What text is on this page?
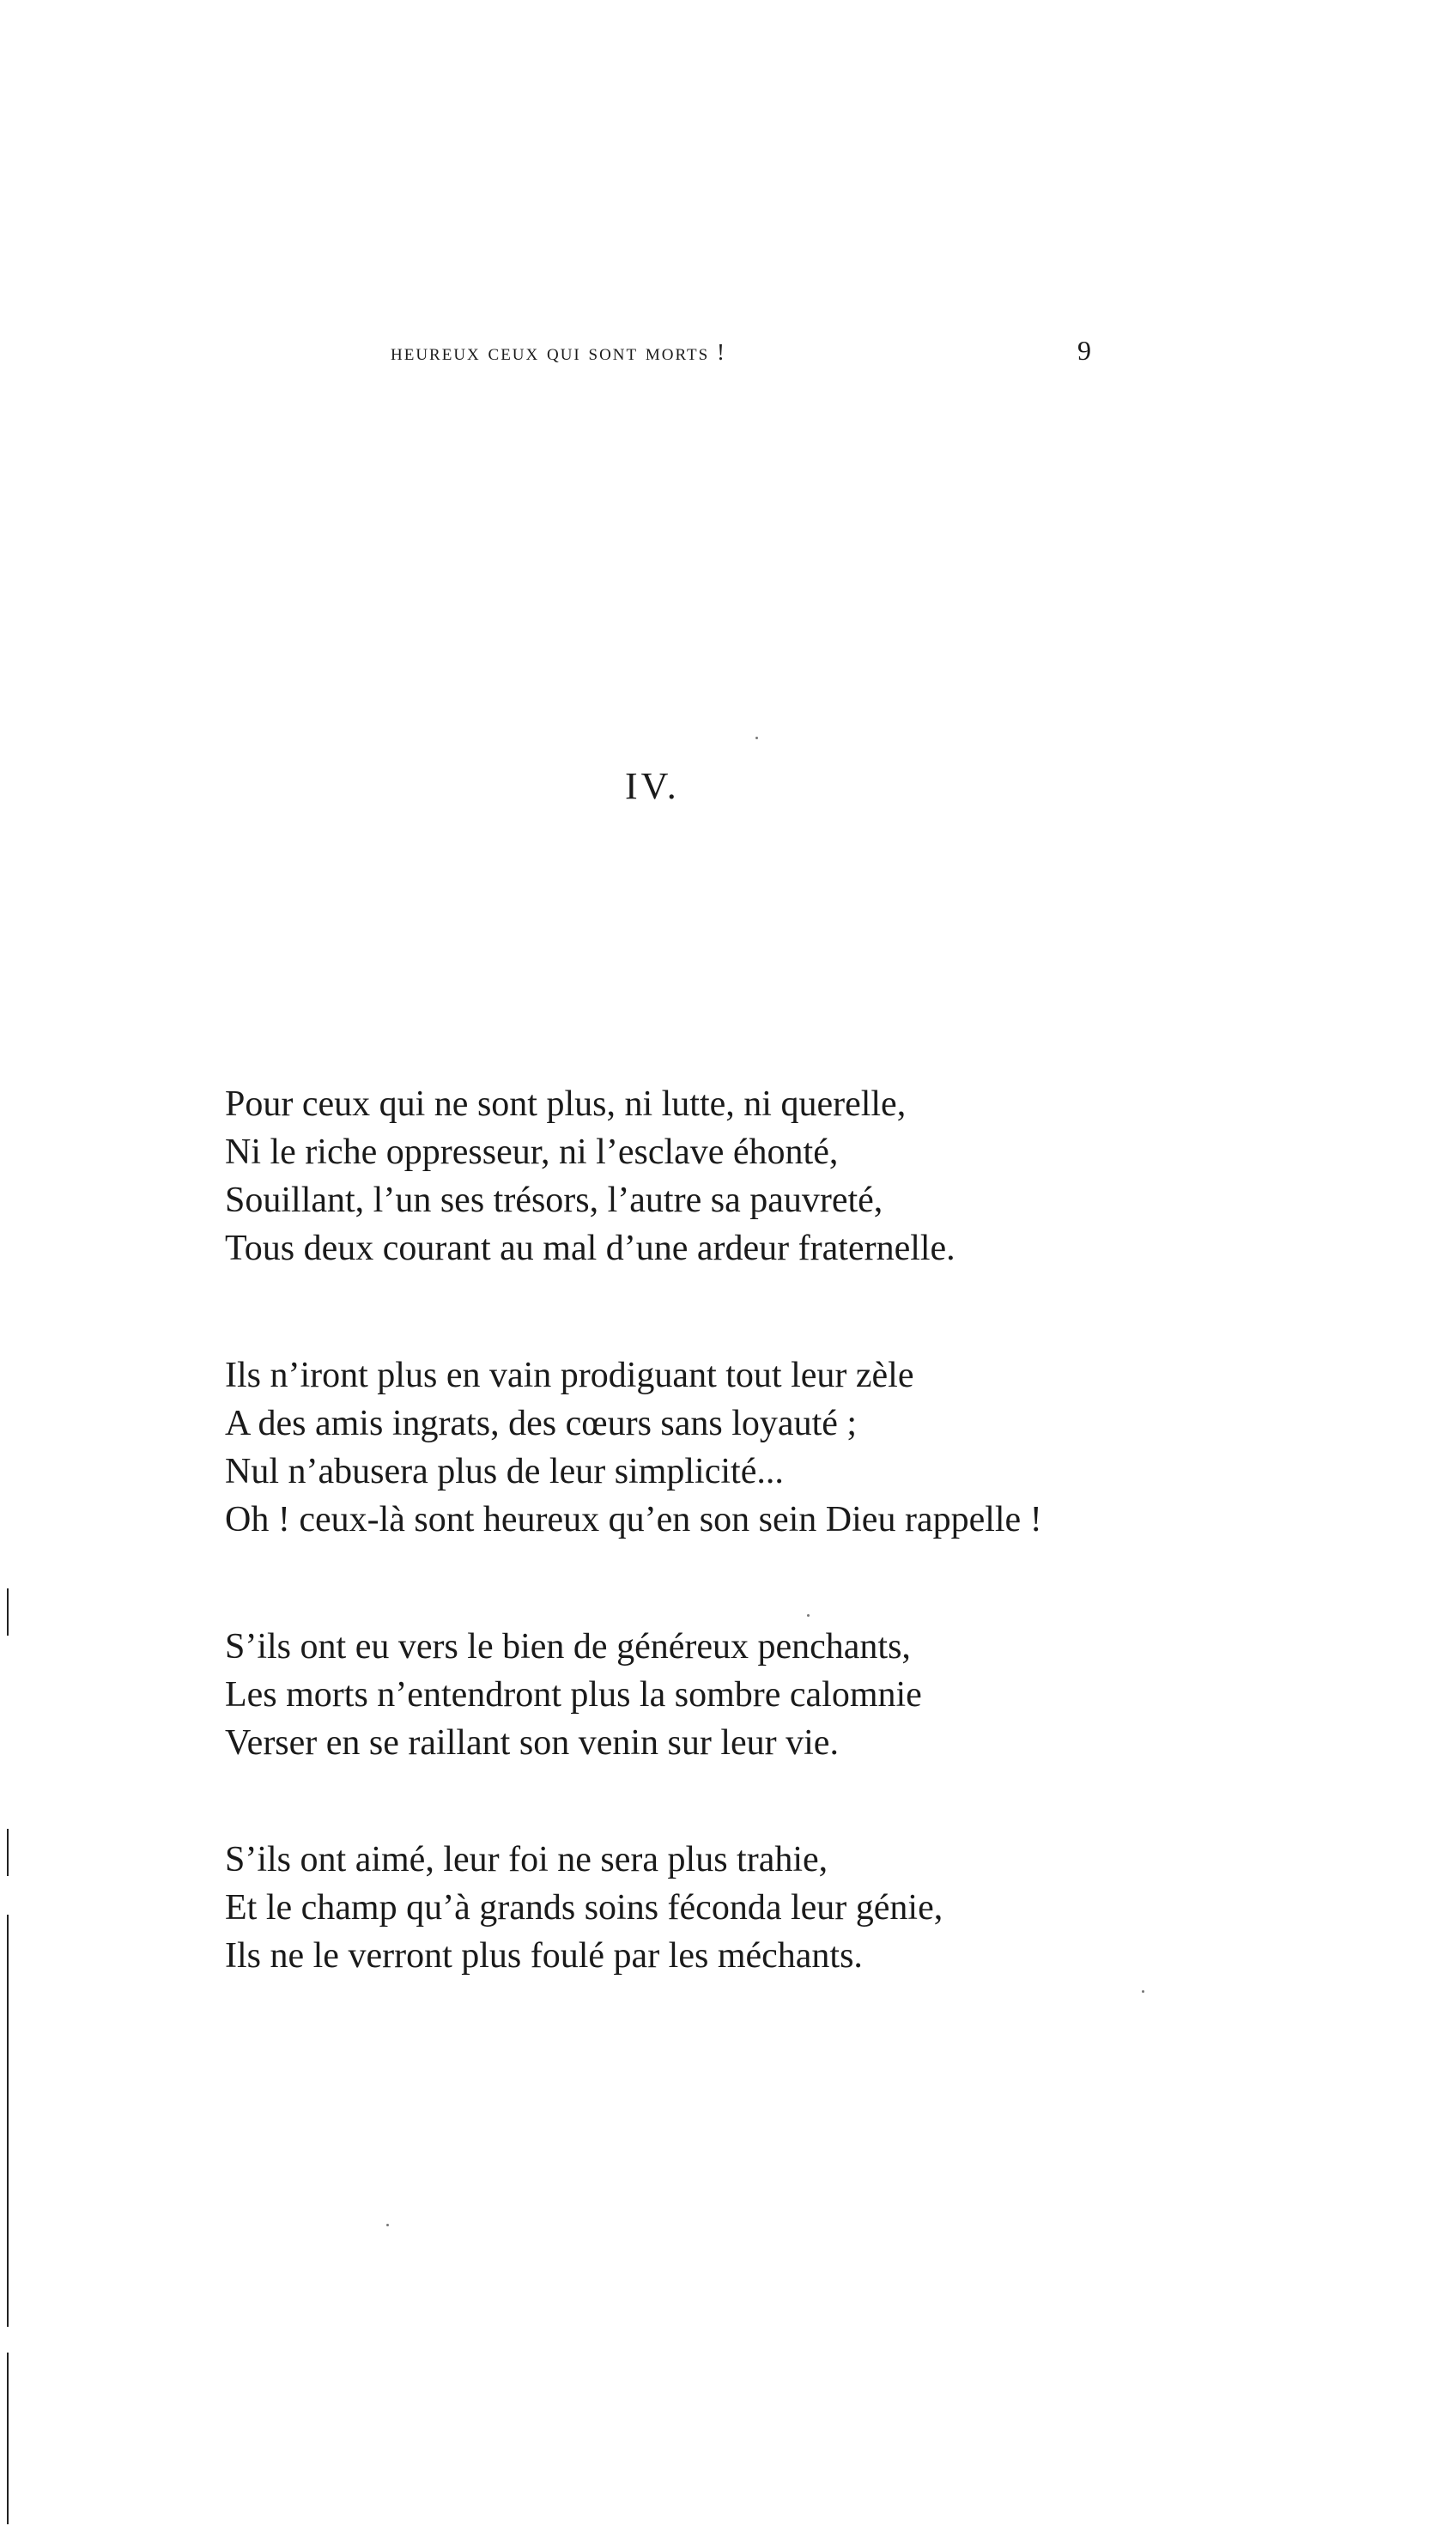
heureux ceux qui sont morts !	9
IV.
Pour ceux qui ne sont plus, ni lutte, ni querelle,
Ni le riche oppresseur, ni l’esclave éhonté,
Souillant, l’un ses trésors, l’autre sa pauvreté,
Tous deux courant au mal d’une ardeur fraternelle.
Ils n’iront plus en vain prodiguant tout leur zèle
A des amis ingrats, des cœurs sans loyauté ;
Nul n’abusera plus de leur simplicité...
Oh ! ceux-là sont heureux qu’en son sein Dieu rappelle !
S’ils ont eu vers le bien de généreux penchants,
Les morts n’entendront plus la sombre calomnie
Verser en se raillant son venin sur leur vie.
S’ils ont aimé, leur foi ne sera plus trahie,
Et le champ qu’à grands soins féconda leur génie,
Ils ne le verront plus foulé par les méchants.
